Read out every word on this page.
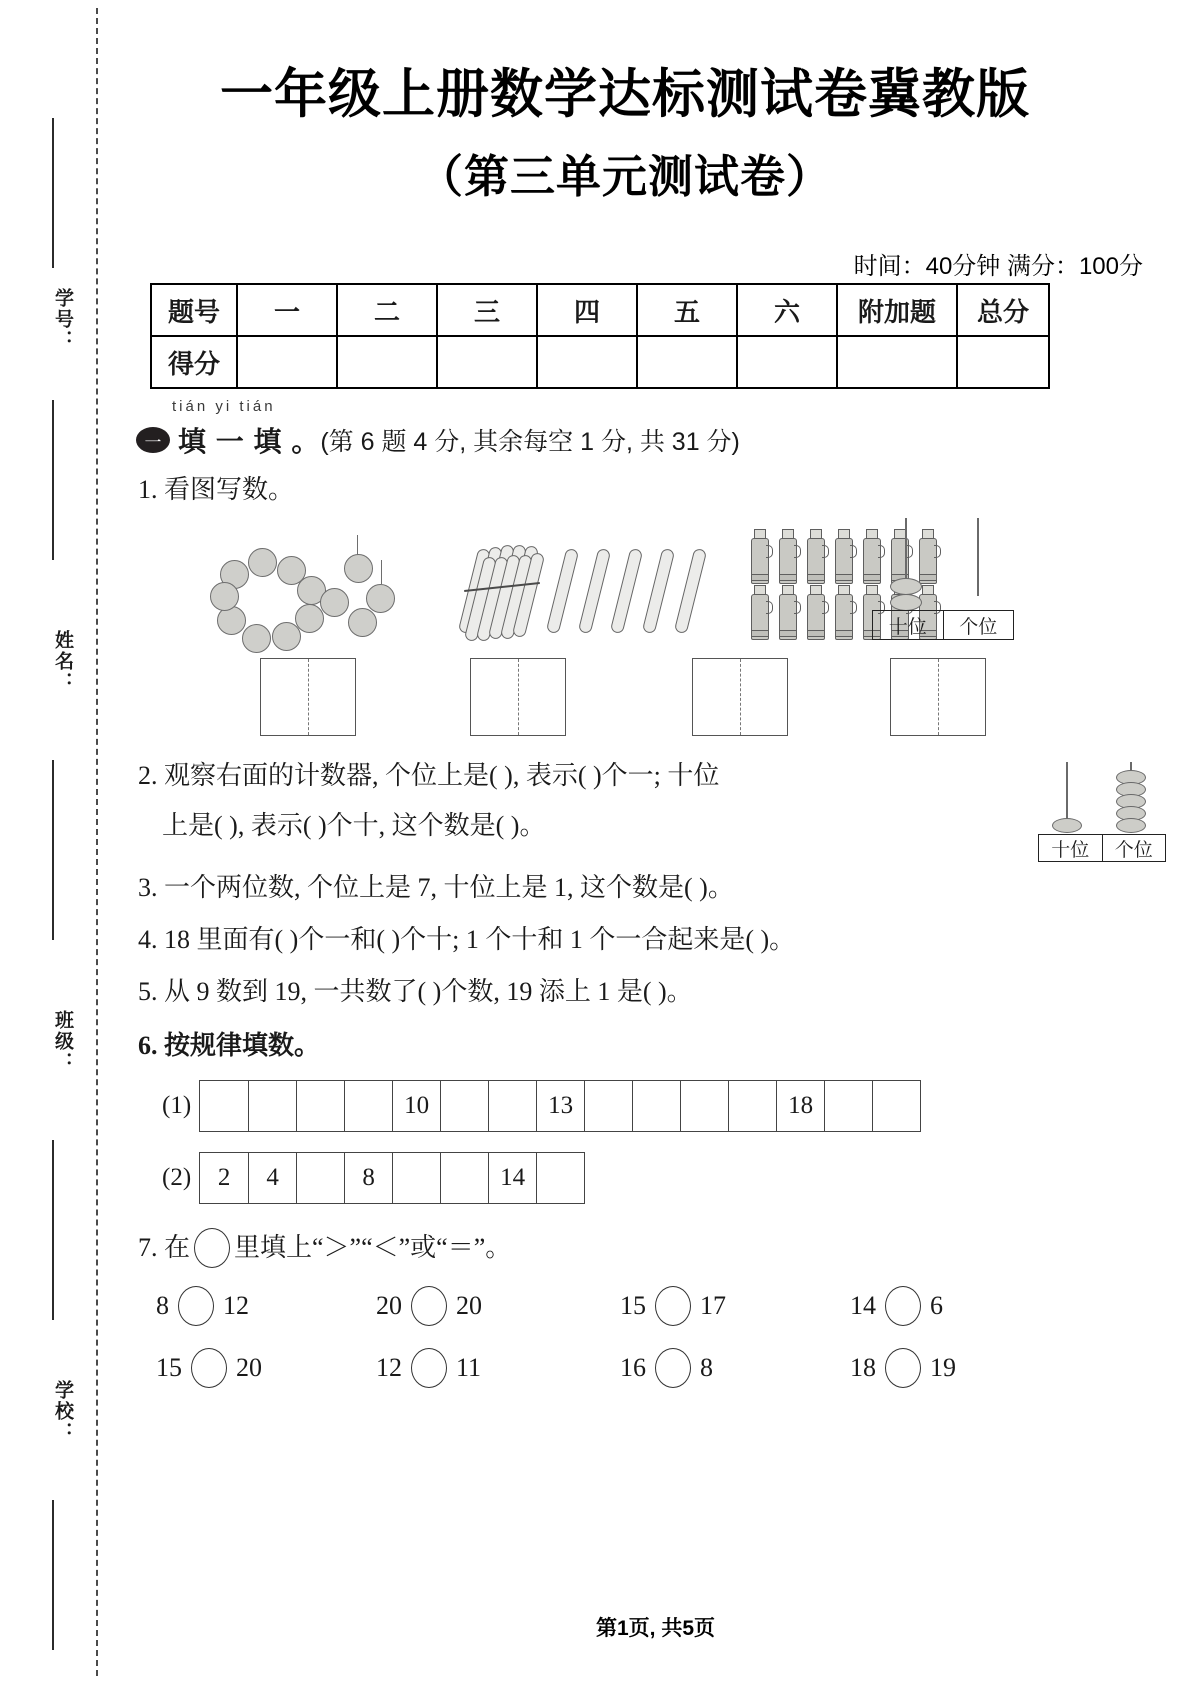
学号：
姓名：
班级：
学校：
一年级上册数学达标测试卷冀教版
（第三单元测试卷）
时间：40分钟 满分：100分
题号	一	二	三	四	五	六	附加题	总分
得分								
tián yi tián
一 填 一 填 。 (第 6 题 4 分, 其余每空 1 分, 共 31 分)
1. 看图写数。
十位	个位
2. 观察右面的计数器, 个位上是( ), 表示( )个一; 十位
上是( ), 表示( )个十, 这个数是( )。
十位	个位
3. 一个两位数, 个位上是 7, 十位上是 1, 这个数是( )。
4. 18 里面有( )个一和( )个十; 1 个十和 1 个一合起来是( )。
5. 从 9 数到 19, 一共数了( )个数, 19 添上 1 是( )。
6. 按规律填数。
(1)	10	13	18
(2)	2	4	8	14
7. 在 里填上“＞”“＜”或“＝”。
8 12	20 20	15 17	14 6
15 20	12 11	16 8	18 19
第1页, 共5页
